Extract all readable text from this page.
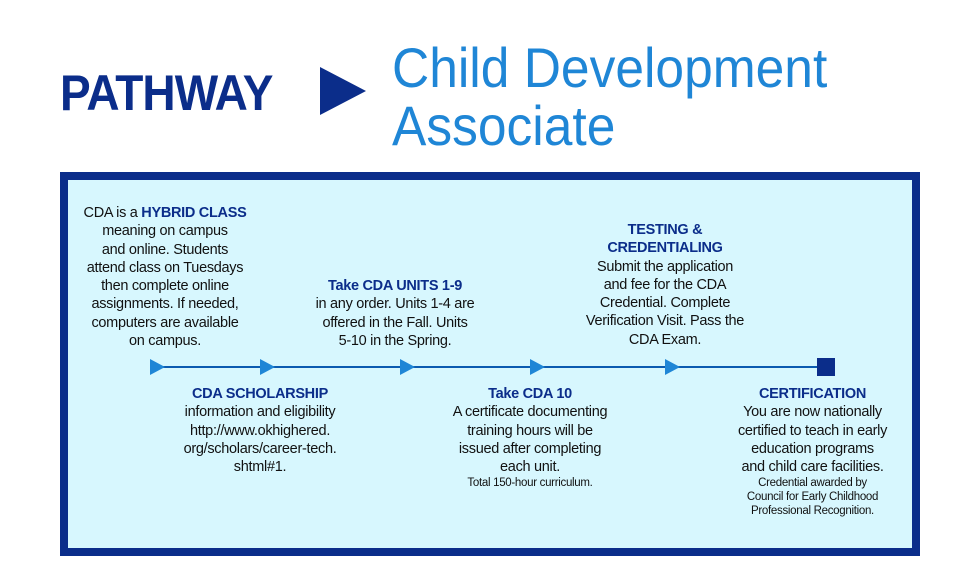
PATHWAY Child Development
Associate
CDA is a HYBRID CLASS
meaning on campus
and online. Students
attend class on Tuesdays
then complete online
assignments. If needed,
computers are available
on campus.
Take CDA UNITS 1-9
in any order. Units 1-4 are
offered in the Fall. Units
5-10 in the Spring.
TESTING &
CREDENTIALING
Submit the application
and fee for the CDA
Credential. Complete
Verification Visit. Pass the
CDA Exam.
CDA SCHOLARSHIP
information and eligibility
http://www.okhighered.
org/scholars/career-tech.
shtml#1.
Take CDA 10
A certificate documenting
training hours will be
issued after completing
each unit.
Total 150-hour curriculum.
CERTIFICATION
You are now nationally
certified to teach in early
education programs
and child care facilities.
Credential awarded by
Council for Early Childhood
Professional Recognition.
